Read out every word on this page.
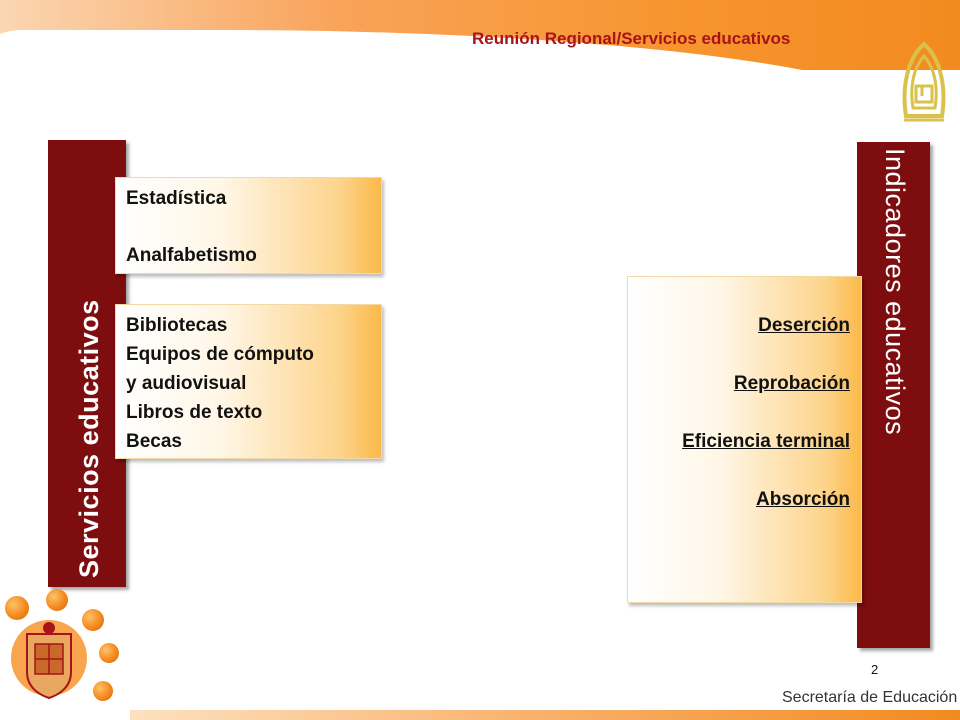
Reunión Regional/Servicios educativos
Servicios educativos
Indicadores educativos
Estadística
Analfabetismo
Bibliotecas
Equipos de cómputo
y audiovisual
Libros de texto
Becas
Deserción
Reprobación
Eficiencia terminal
Absorción
2
Secretaría de Educación
